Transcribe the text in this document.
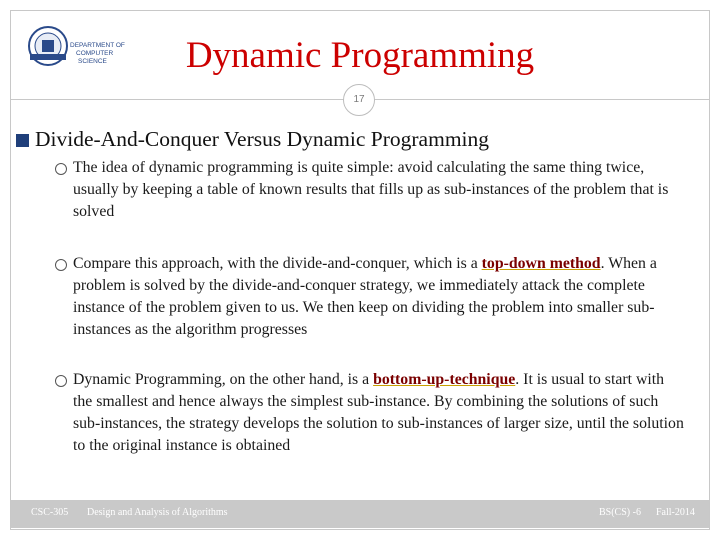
DEPARTMENT OF
COMPUTER
SCIENCE	Dynamic Programming
17
Divide-And-Conquer Versus Dynamic Programming
The idea of dynamic programming is quite simple: avoid calculating the same thing twice, usually by keeping a table of known results that fills up as sub-instances of the problem that is solved
Compare this approach, with the divide-and-conquer, which is a top-down method. When a problem is solved by the divide-and-conquer strategy, we immediately attack the complete instance of the problem given to us. We then keep on dividing the problem into smaller sub-instances as the algorithm progresses
Dynamic Programming, on the other hand, is a bottom-up-technique. It is usual to start with the smallest and hence always the simplest sub-instance. By combining the solutions of such sub-instances, the strategy develops the solution to sub-instances of larger size, until the solution to the original instance is obtained
CSC-305 Design and Analysis of Algorithms	BS(CS) -6 Fall-2014
